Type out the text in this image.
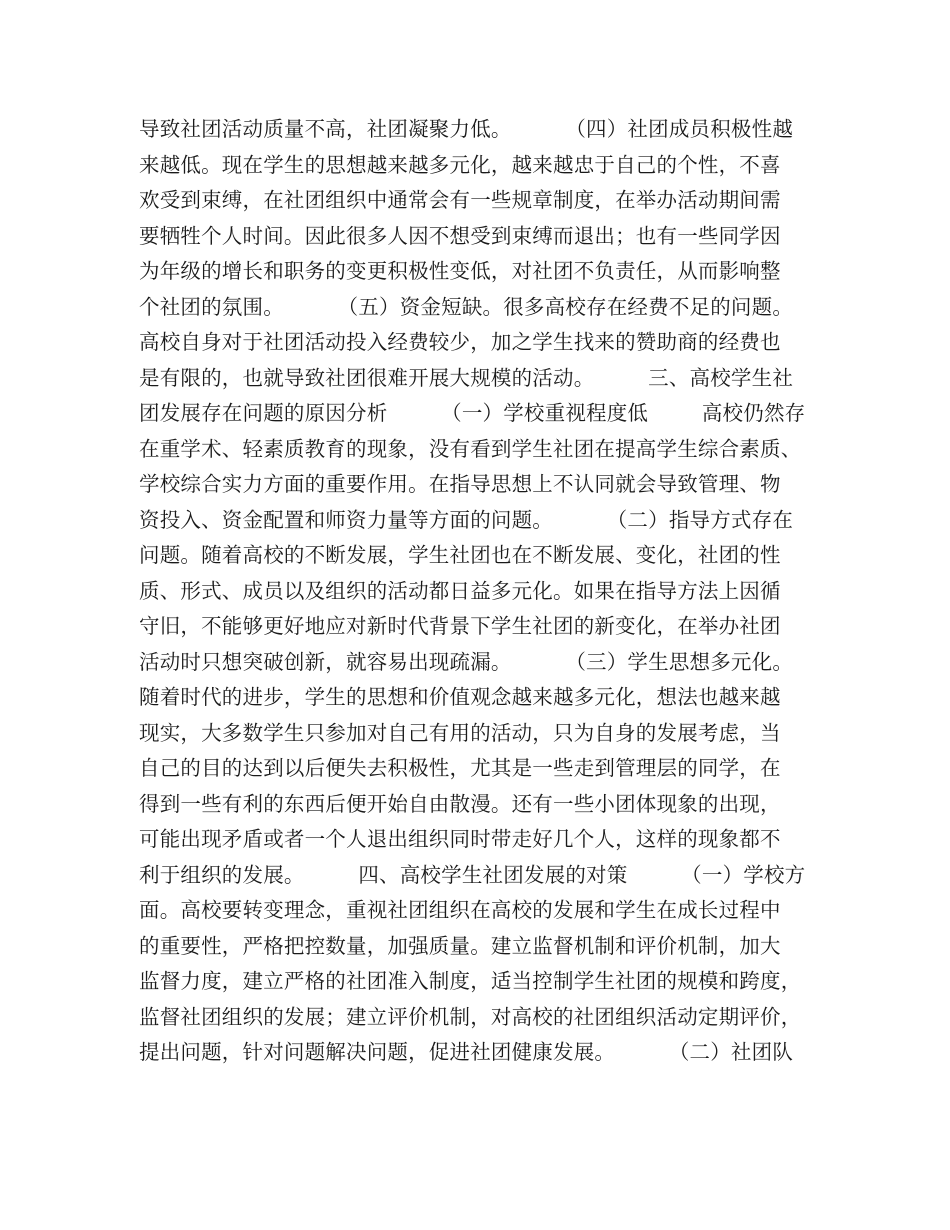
导致社团活动质量不高，社团凝聚力低。        （四）社团成员积极性越
来越低。现在学生的思想越来越多元化，越来越忠于自己的个性，不喜
欢受到束缚，在社团组织中通常会有一些规章制度，在举办活动期间需
要牺牲个人时间。因此很多人因不想受到束缚而退出；也有一些同学因
为年级的增长和职务的变更积极性变低，对社团不负责任，从而影响整
个社团的氛围。        （五）资金短缺。很多高校存在经费不足的问题。
高校自身对于社团活动投入经费较少，加之学生找来的赞助商的经费也
是有限的，也就导致社团很难开展大规模的活动。        三、高校学生社
团发展存在问题的原因分析        （一）学校重视程度低        高校仍然存
在重学术、轻素质教育的现象，没有看到学生社团在提高学生综合素质、
学校综合实力方面的重要作用。在指导思想上不认同就会导致管理、物
资投入、资金配置和师资力量等方面的问题。        （二）指导方式存在
问题。随着高校的不断发展，学生社团也在不断发展、变化，社团的性
质、形式、成员以及组织的活动都日益多元化。如果在指导方法上因循
守旧，不能够更好地应对新时代背景下学生社团的新变化，在举办社团
活动时只想突破创新，就容易出现疏漏。        （三）学生思想多元化。
随着时代的进步，学生的思想和价值观念越来越多元化，想法也越来越
现实，大多数学生只参加对自己有用的活动，只为自身的发展考虑，当
自己的目的达到以后便失去积极性，尤其是一些走到管理层的同学，在
得到一些有利的东西后便开始自由散漫。还有一些小团体现象的出现，
可能出现矛盾或者一个人退出组织同时带走好几个人，这样的现象都不
利于组织的发展。        四、高校学生社团发展的对策        （一）学校方
面。高校要转变理念，重视社团组织在高校的发展和学生在成长过程中
的重要性，严格把控数量，加强质量。建立监督机制和评价机制，加大
监督力度，建立严格的社团准入制度，适当控制学生社团的规模和跨度，
监督社团组织的发展；建立评价机制，对高校的社团组织活动定期评价，
提出问题，针对问题解决问题，促进社团健康发展。        （二）社团队
